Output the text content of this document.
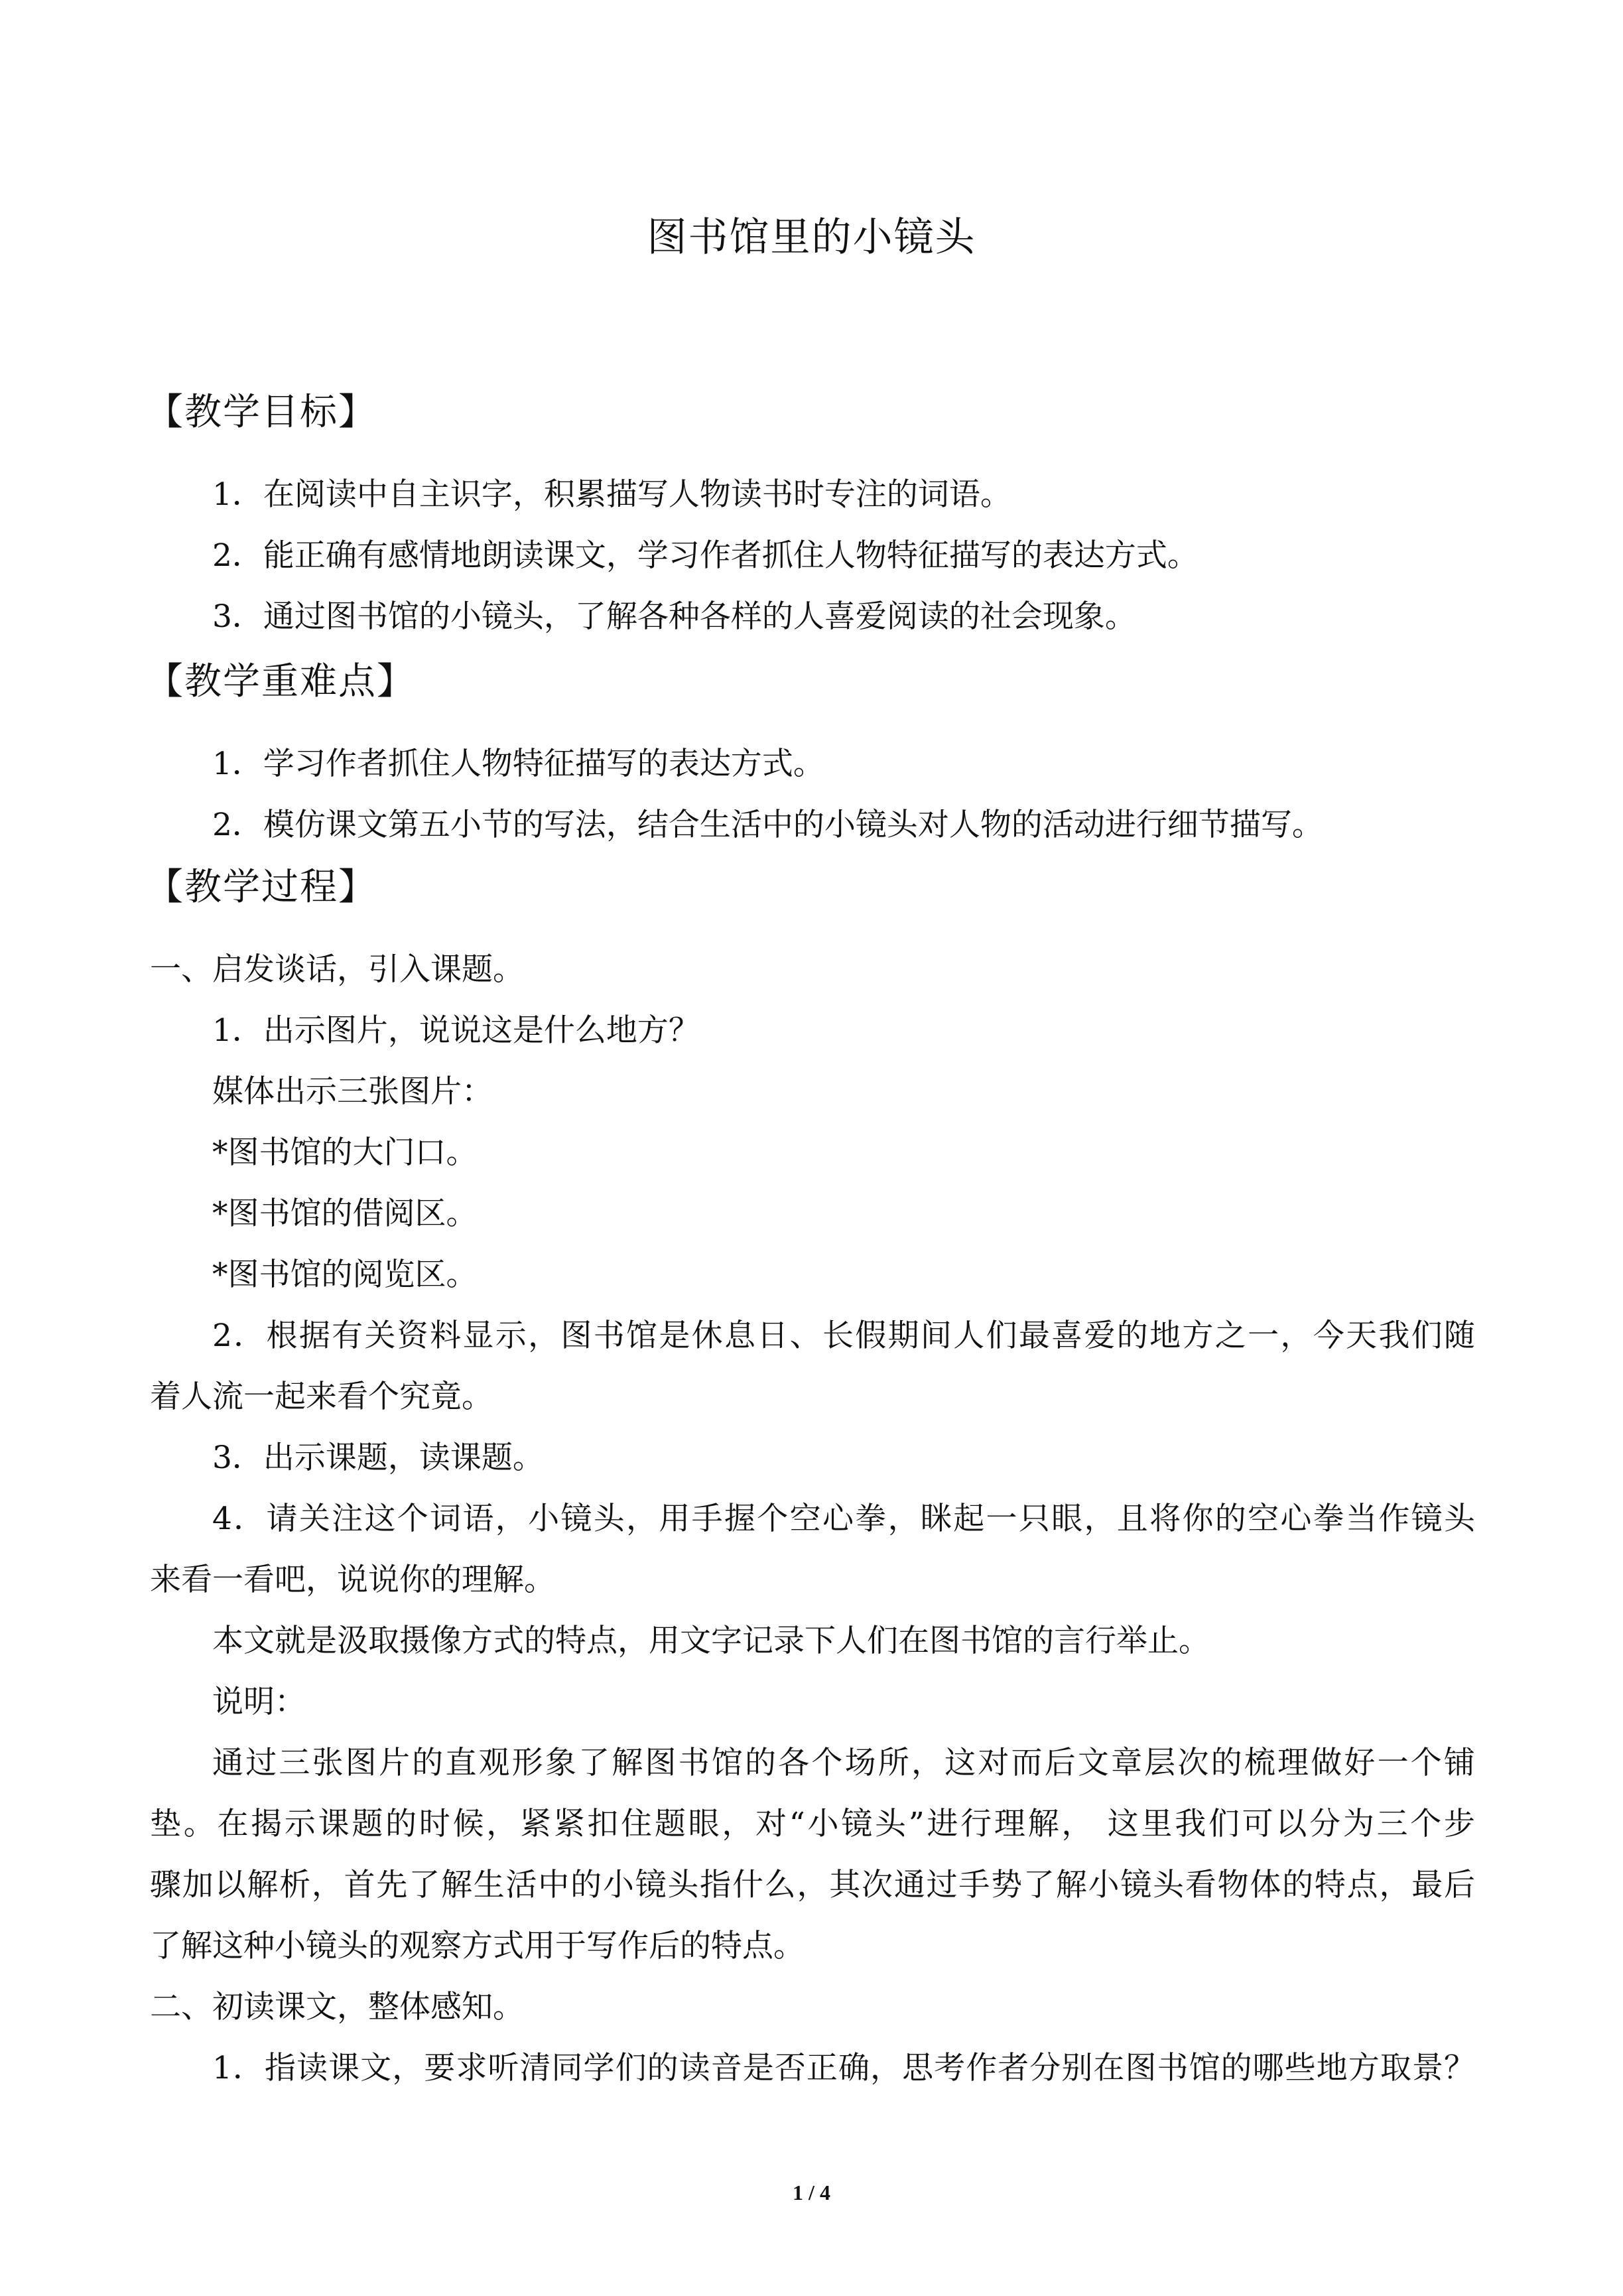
图书馆里的小镜头
【教学目标】
1．在阅读中自主识字，积累描写人物读书时专注的词语。
2．能正确有感情地朗读课文，学习作者抓住人物特征描写的表达方式。
3．通过图书馆的小镜头，了解各种各样的人喜爱阅读的社会现象。
【教学重难点】
1．学习作者抓住人物特征描写的表达方式。
2．模仿课文第五小节的写法，结合生活中的小镜头对人物的活动进行细节描写。
【教学过程】
一、启发谈话，引入课题。
1．出示图片，说说这是什么地方？
媒体出示三张图片：
*图书馆的大门口。
*图书馆的借阅区。
*图书馆的阅览区。
2．根据有关资料显示，图书馆是休息日、长假期间人们最喜爱的地方之一，今天我们随
着人流一起来看个究竟。
3．出示课题，读课题。
4．请关注这个词语，小镜头，用手握个空心拳，眯起一只眼，且将你的空心拳当作镜头
来看一看吧，说说你的理解。
本文就是汲取摄像方式的特点，用文字记录下人们在图书馆的言行举止。
说明：
通过三张图片的直观形象了解图书馆的各个场所，这对而后文章层次的梳理做好一个铺
垫。在揭示课题的时候，紧紧扣住题眼，对“小镜头”进行理解， 这里我们可以分为三个步
骤加以解析，首先了解生活中的小镜头指什么，其次通过手势了解小镜头看物体的特点，最后
了解这种小镜头的观察方式用于写作后的特点。
二、初读课文，整体感知。
1．指读课文，要求听清同学们的读音是否正确，思考作者分别在图书馆的哪些地方取景？
1 / 4
